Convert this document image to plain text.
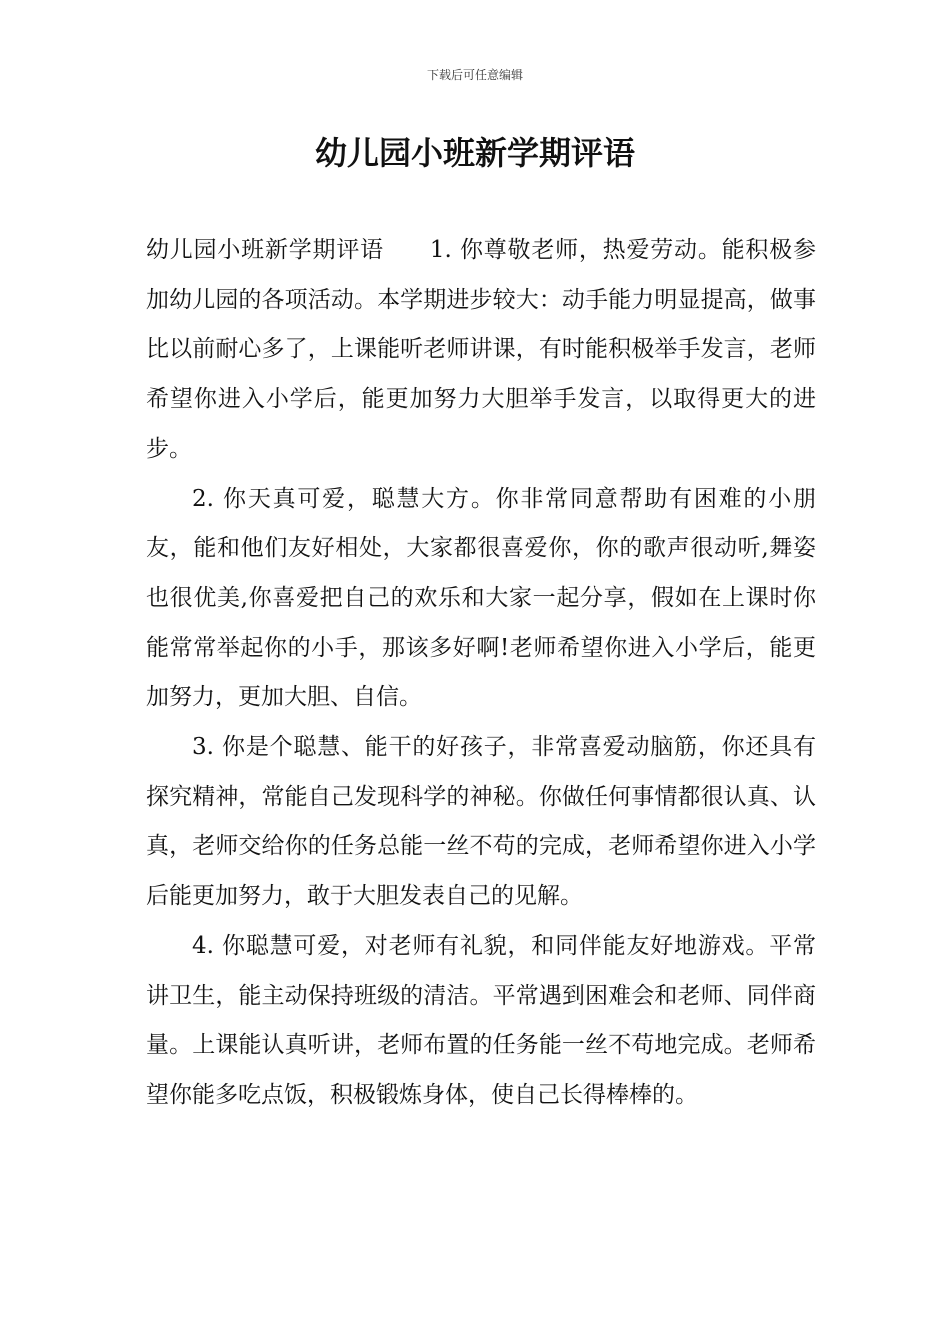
下载后可任意编辑
幼儿园小班新学期评语

幼儿园小班新学期评语 1. 你尊敬老师，热爱劳动。能积极参加幼儿园的各项活动。本学期进步较大：动手能力明显提高，做事比以前耐心多了，上课能听老师讲课，有时能积极举手发言，老师希望你进入小学后，能更加努力大胆举手发言，以取得更大的进步。

2. 你天真可爱，聪慧大方。你非常同意帮助有困难的小朋友，能和他们友好相处，大家都很喜爱你，你的歌声很动听,舞姿也很优美,你喜爱把自己的欢乐和大家一起分享，假如在上课时你能常常举起你的小手，那该多好啊!老师希望你进入小学后，能更加努力，更加大胆、自信。

3. 你是个聪慧、能干的好孩子，非常喜爱动脑筋，你还具有探究精神，常能自己发现科学的神秘。你做任何事情都很认真、认真，老师交给你的任务总能一丝不苟的完成，老师希望你进入小学后能更加努力，敢于大胆发表自己的见解。

4. 你聪慧可爱，对老师有礼貌，和同伴能友好地游戏。平常讲卫生，能主动保持班级的清洁。平常遇到困难会和老师、同伴商量。上课能认真听讲，老师布置的任务能一丝不苟地完成。老师希望你能多吃点饭，积极锻炼身体，使自己长得棒棒的。
